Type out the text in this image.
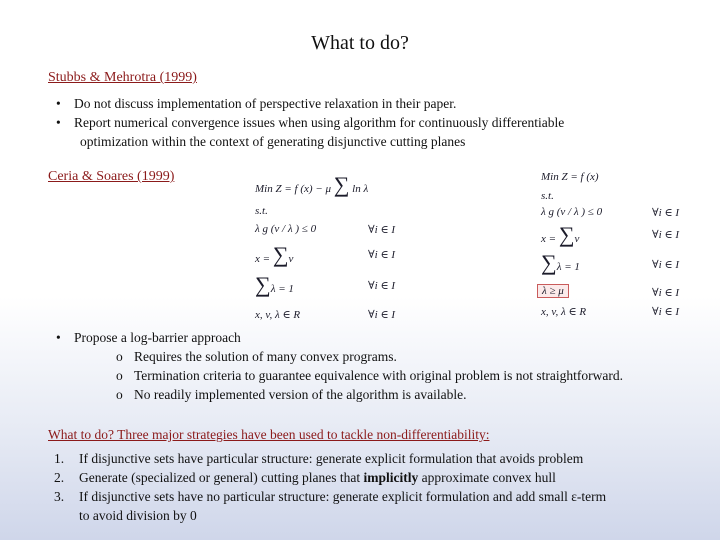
What to do?
Stubbs & Mehrotra (1999)
• Do not discuss implementation of perspective relaxation in their paper.
• Report numerical convergence issues when using algorithm for continuously differentiable
optimization within the context of generating disjunctive cutting planes
Ceria & Soares (1999)
Min Z = f (x) − μ ∑ ln λ
s.t.
λ g (v / λ ) ≤ 0	∀i ∈ I
x = ∑v	∀i ∈ I
∑λ = 1	∀i ∈ I
x, v, λ ∈ R	∀i ∈ I
Min Z = f (x)
s.t.
λ g (v / λ ) ≤ 0	∀i ∈ I
x = ∑v	∀i ∈ I
∑λ = 1	∀i ∈ I
λ ≥ μ	∀i ∈ I
x, v, λ ∈ R	∀i ∈ I
• Propose a log-barrier approach
o Requires the solution of many convex programs.
o Termination criteria to guarantee equivalence with original problem is not straightforward.
o No readily implemented version of the algorithm is available.
What to do? Three major strategies have been used to tackle non-differentiability:
1. If disjunctive sets have particular structure: generate explicit formulation that avoids problem
2. Generate (specialized or general) cutting planes that implicitly approximate convex hull
3. If disjunctive sets have no particular structure: generate explicit formulation and add small ε-term
to avoid division by 0
